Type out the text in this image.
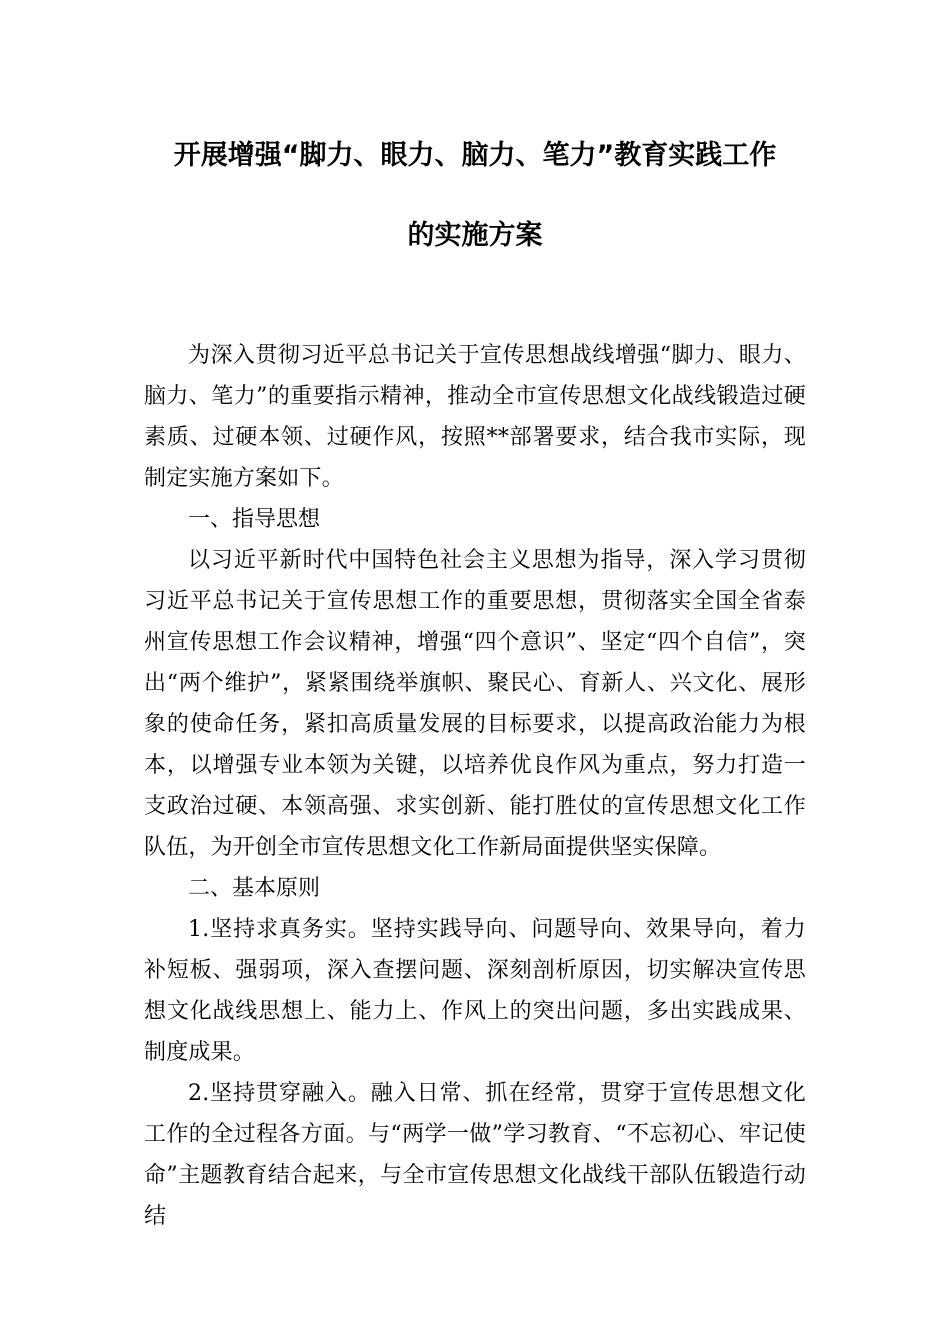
开展增强“脚力、眼力、脑力、笔力”教育实践工作
的实施方案

为深入贯彻习近平总书记关于宣传思想战线增强“脚力、眼力、脑力、笔力”的重要指示精神，推动全市宣传思想文化战线锻造过硬素质、过硬本领、过硬作风，按照**部署要求，结合我市实际，现制定实施方案如下。

一、指导思想

以习近平新时代中国特色社会主义思想为指导，深入学习贯彻习近平总书记关于宣传思想工作的重要思想，贯彻落实全国全省泰州宣传思想工作会议精神，增强“四个意识”、坚定“四个自信”，突出“两个维护”，紧紧围绕举旗帜、聚民心、育新人、兴文化、展形象的使命任务，紧扣高质量发展的目标要求，以提高政治能力为根本，以增强专业本领为关键，以培养优良作风为重点，努力打造一支政治过硬、本领高强、求实创新、能打胜仗的宣传思想文化工作队伍，为开创全市宣传思想文化工作新局面提供坚实保障。

二、基本原则

1.坚持求真务实。坚持实践导向、问题导向、效果导向，着力补短板、强弱项，深入查摆问题、深刻剖析原因，切实解决宣传思想文化战线思想上、能力上、作风上的突出问题，多出实践成果、制度成果。

2.坚持贯穿融入。融入日常、抓在经常，贯穿于宣传思想文化工作的全过程各方面。与“两学一做”学习教育、“不忘初心、牢记使命”主题教育结合起来，与全市宣传思想文化战线干部队伍锻造行动结
